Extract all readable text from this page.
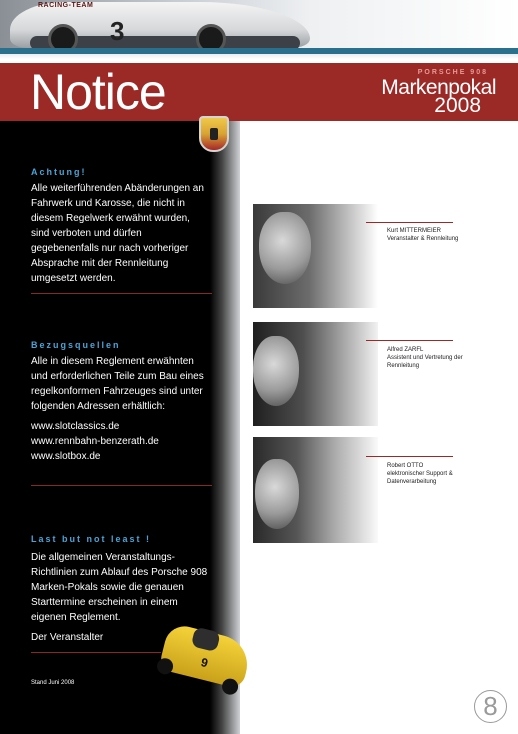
RACING-TEAM
3
Notice	PORSCHE 908
Markenpokal
2008
Achtung!

Alle weiterführenden Abänderungen an Fahrwerk und Karosse, die nicht in diesem Regelwerk erwähnt wurden, sind verboten und dürfen gegebenenfalls nur nach vorheriger Absprache mit der Rennleitung umgesetzt werden.

Bezugsquellen

Alle in diesem Reglement erwähnten und erforderlichen Teile zum Bau eines regelkonformen Fahrzeuges sind unter folgenden Adressen erhältlich:

www.slotclassics.de
www.rennbahn-benzerath.de
www.slotbox.de
Last but not least !

Die allgemeinen Veranstaltungs-Richtlinien zum Ablauf des Porsche 908 Marken-Pokals sowie die genauen Starttermine erscheinen in einem eigenen Reglement.

Der Veranstalter

Stand Juni 2008
9
Kurt MITTERMEIER
Veranstalter & Rennleitung
Alfred ZARFL
Assistent und Vertretung der Rennleitung
Robert OTTO
elektronischer Support & Datenverarbeitung
8
